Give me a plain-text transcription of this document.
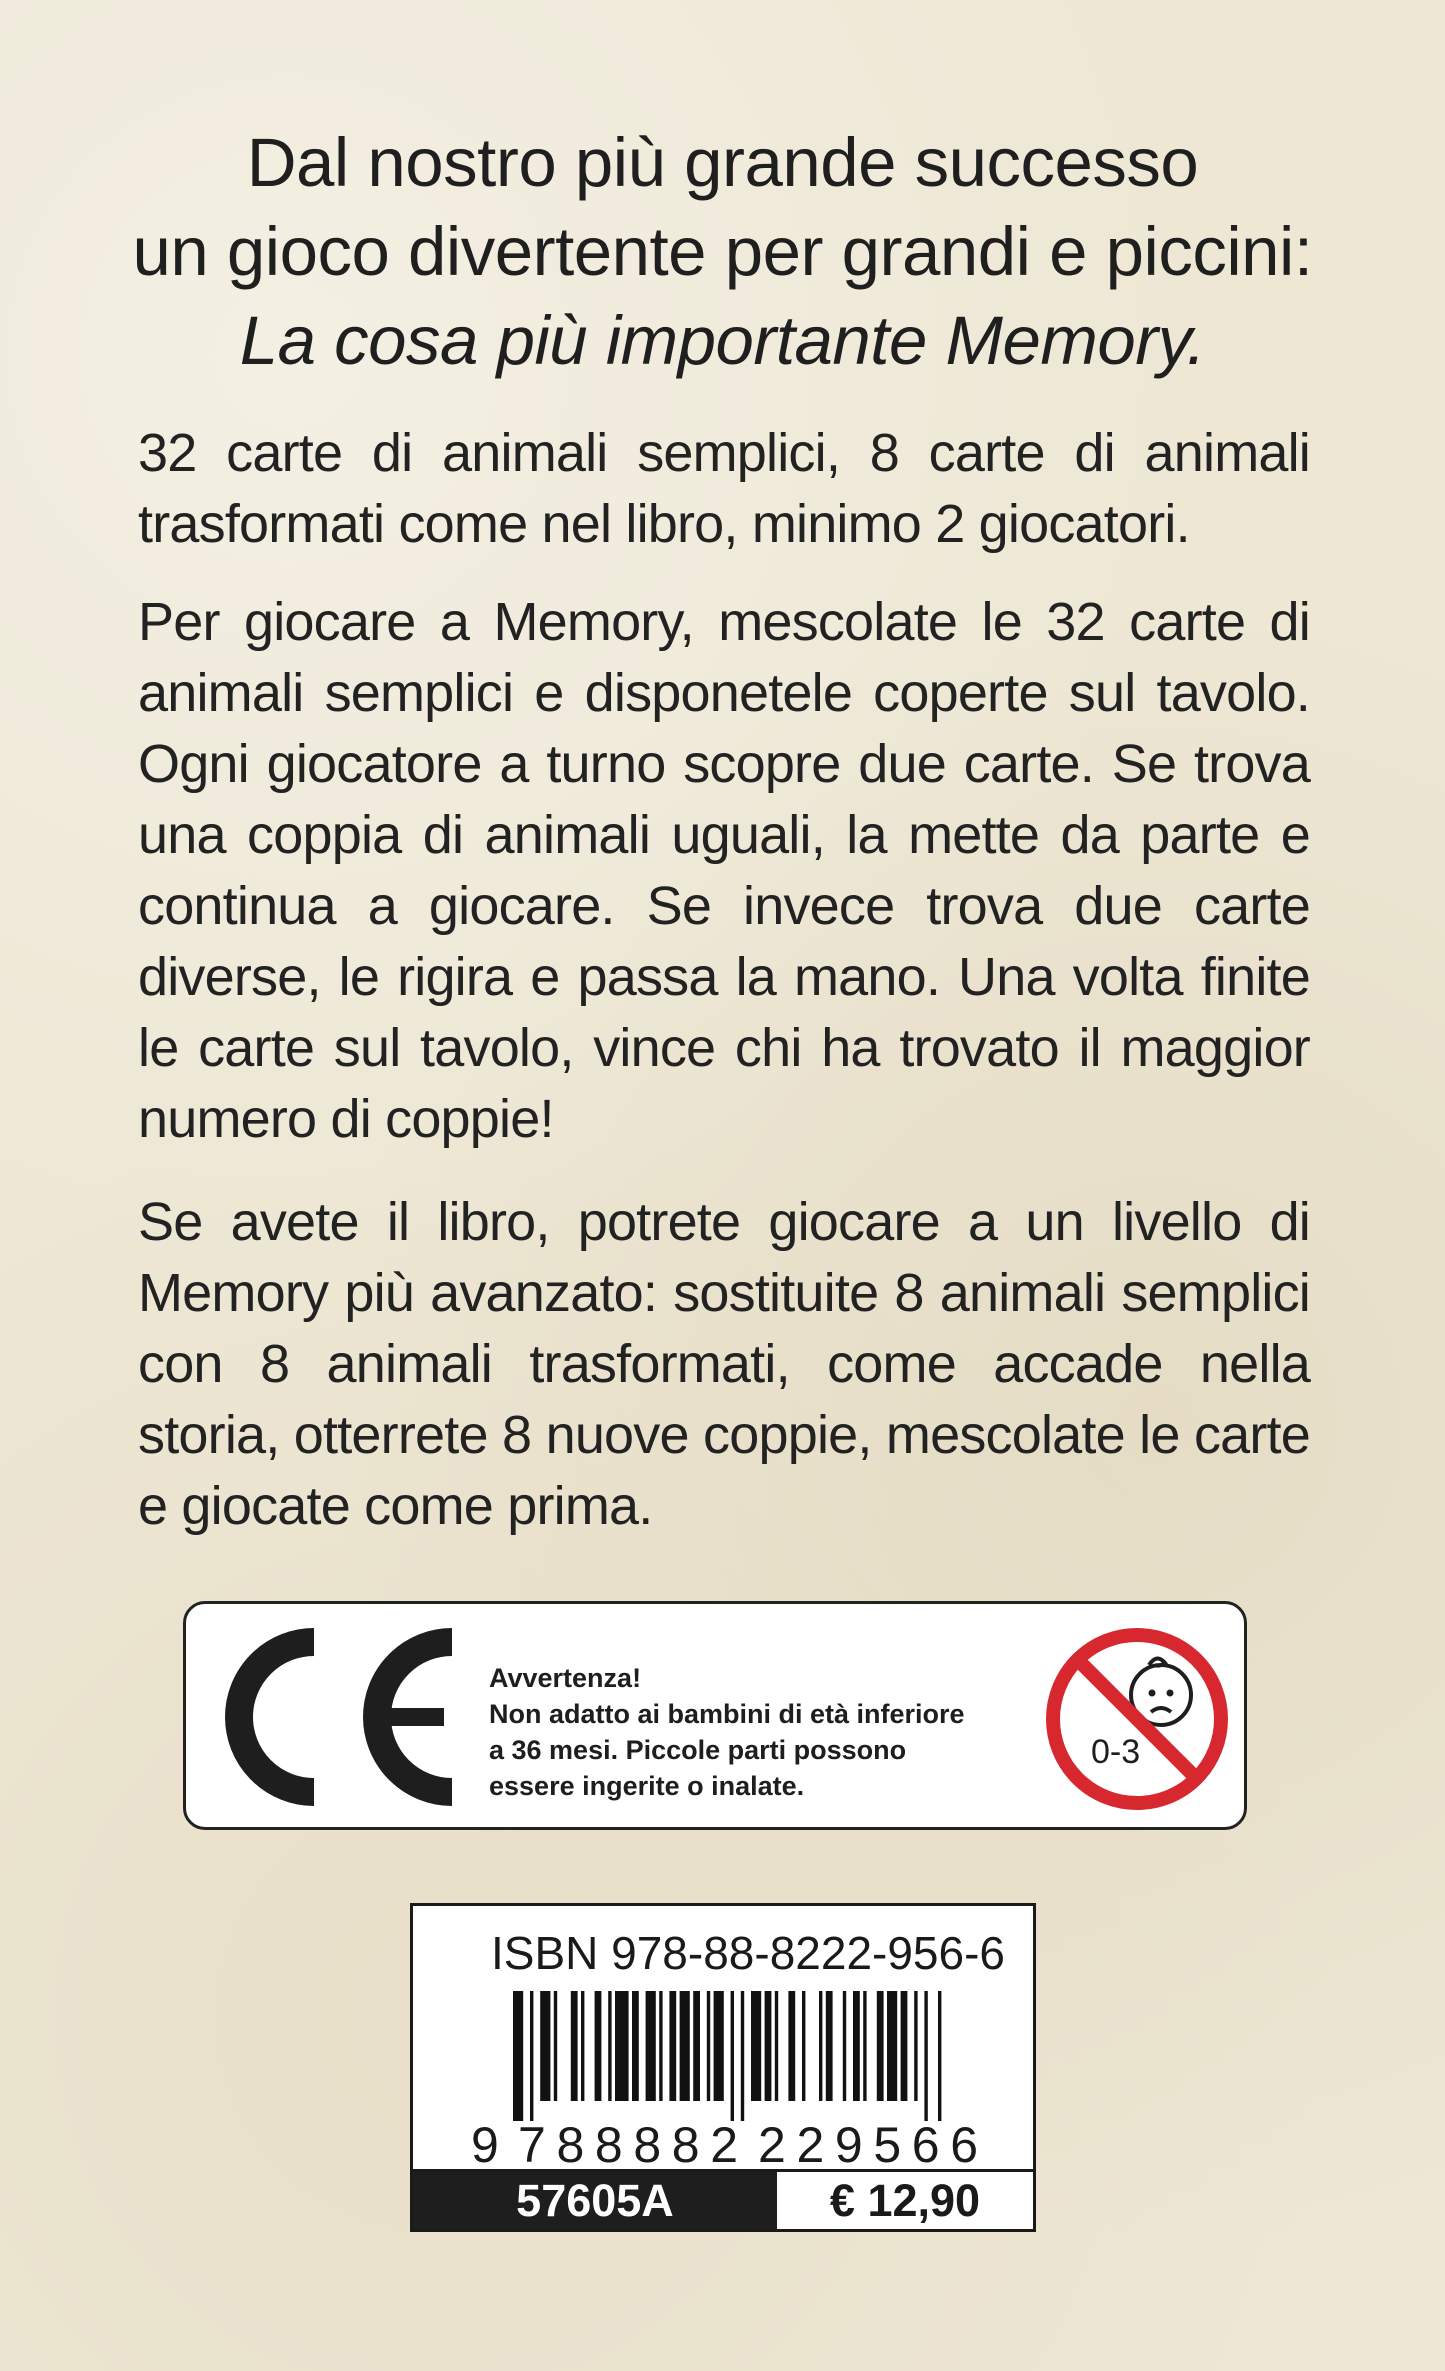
Dal nostro più grande successo
un gioco divertente per grandi e piccini:
La cosa più importante Memory.
32 carte di animali semplici, 8 carte di animali trasformati come nel libro, minimo 2 giocatori.
Per giocare a Memory, mescolate le 32 carte di animali semplici e disponetele coperte sul tavolo. Ogni giocatore a turno scopre due carte. Se trova una coppia di animali uguali, la mette da parte e continua a giocare. Se invece trova due carte diverse, le rigira e passa la mano. Una volta finite le carte sul tavolo, vince chi ha trovato il maggior numero di coppie!
Se avete il libro, potrete giocare a un livello di Memory più avanzato: sostituite 8 animali semplici con 8 animali trasformati, come accade nella storia, otterrete 8 nuove coppie, mescolate le carte e giocate come prima.
Avvertenza!
Non adatto ai bambini di età inferiore
a 36 mesi. Piccole parti possono
essere ingerite o inalate.
0-3
ISBN 978-88-8222-956-6
9 788882 229566
57605A	€ 12,90
